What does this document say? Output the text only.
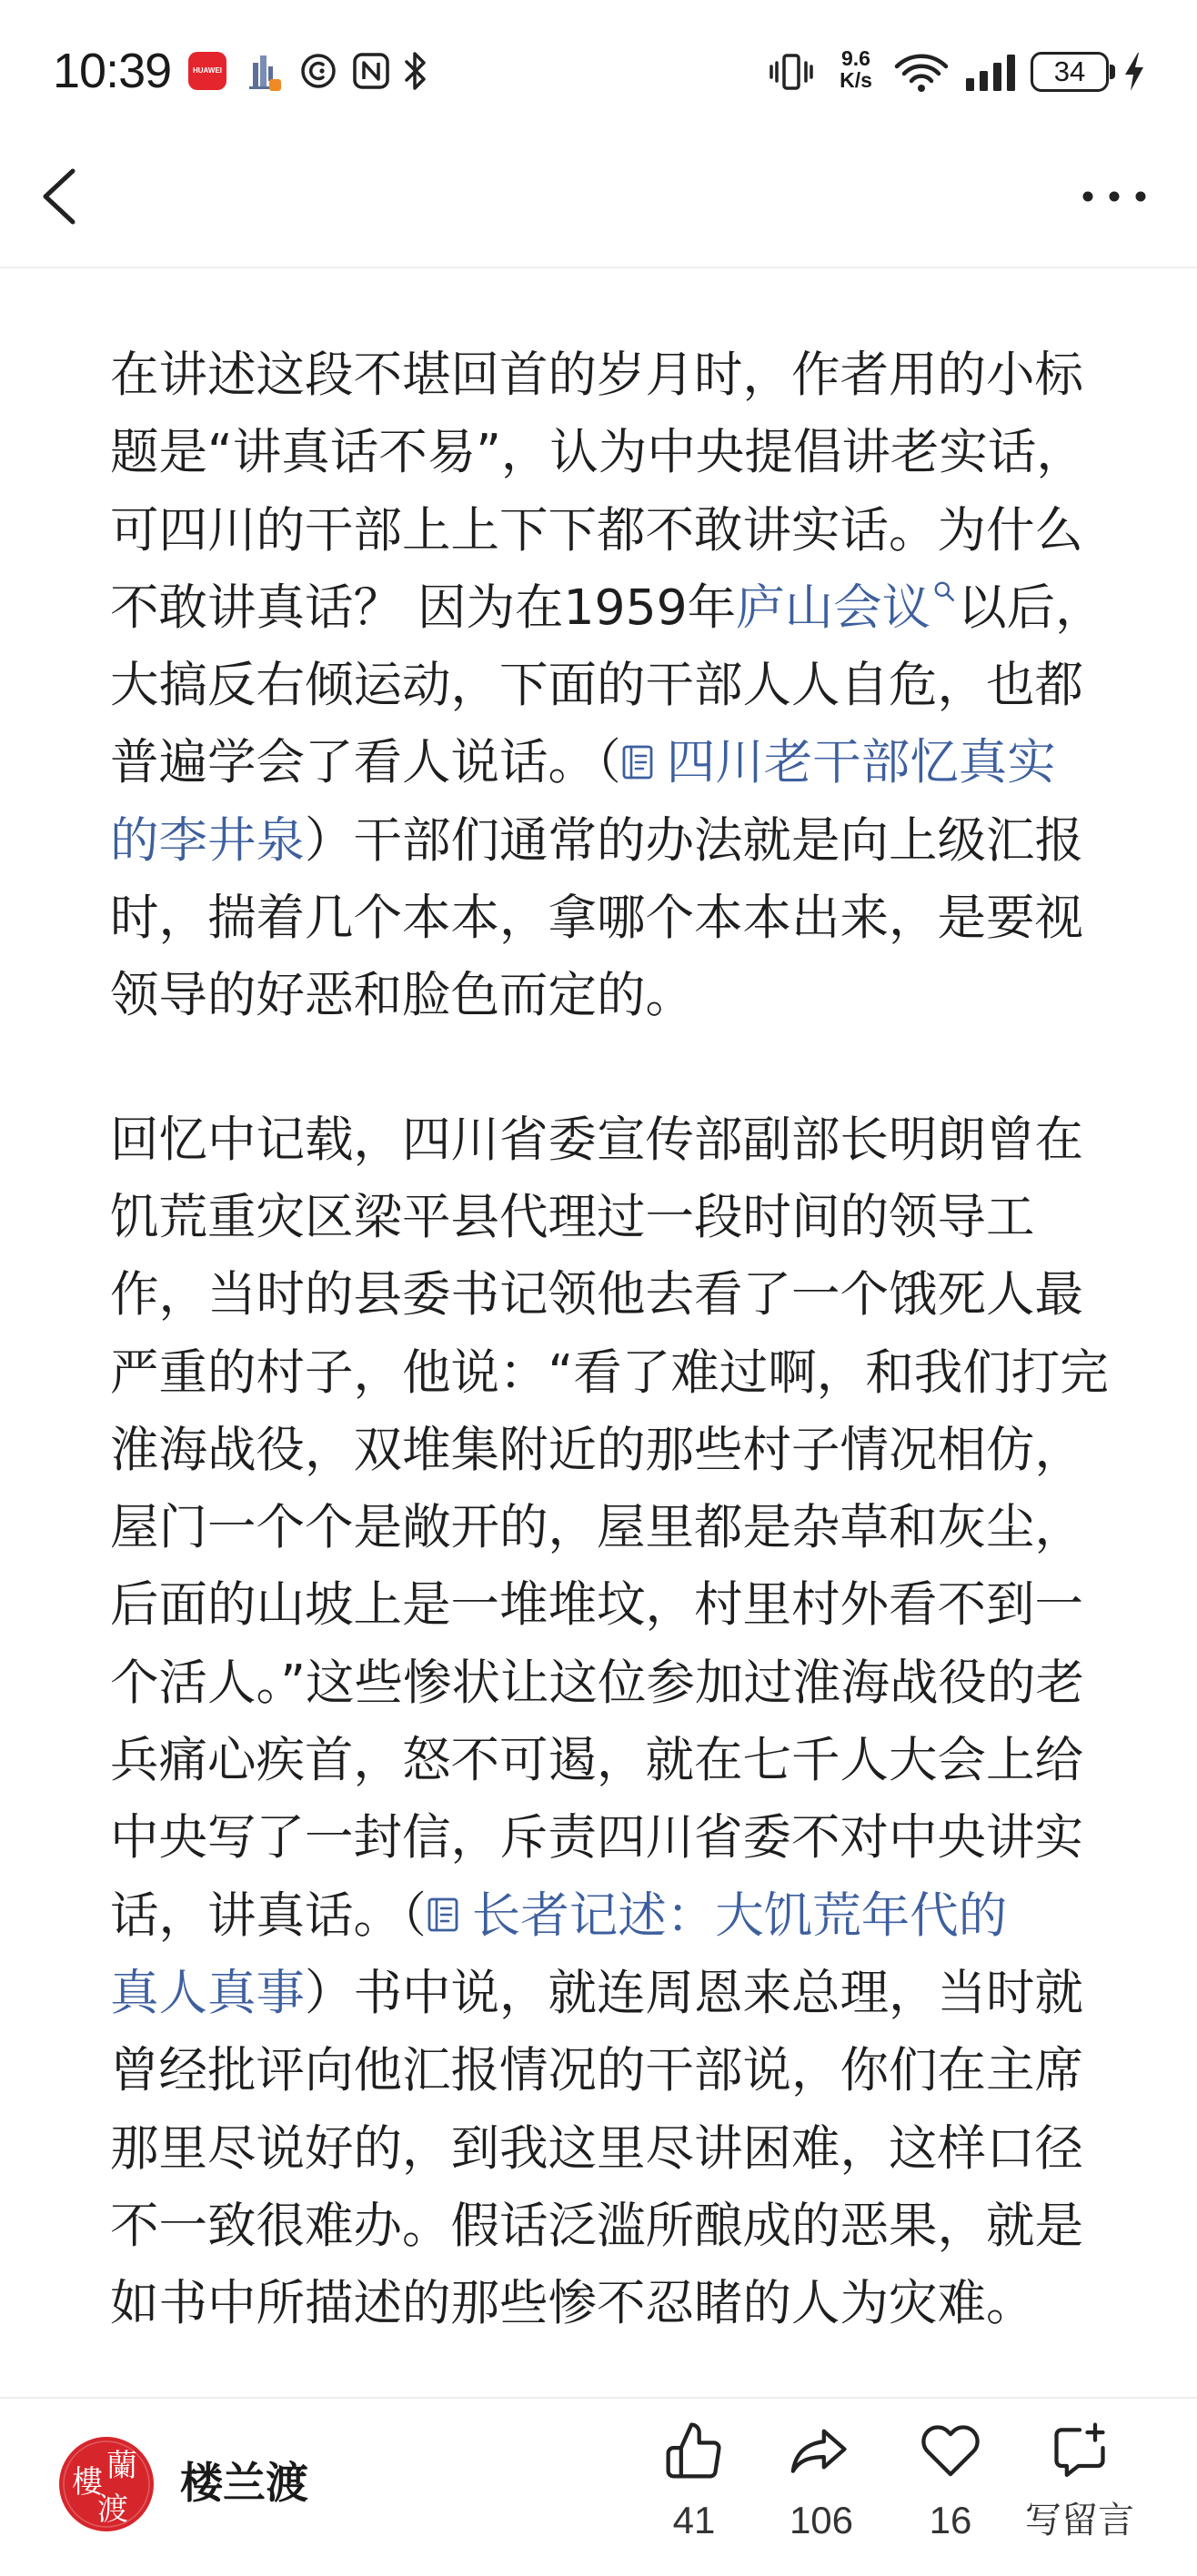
10:39	HUAWEI
9.6
K/s	34
在讲述这段不堪回首的岁月时，作者用的小标
题是“讲真话不易”，认为中央提倡讲老实话，
可四川的干部上上下下都不敢讲实话。为什么
不敢讲真话？ 因为在1959年庐山会议 以后，
大搞反右倾运动，下面的干部人人自危，也都
普遍学会了看人说话。（ 四川老干部忆真实
的李井泉）干部们通常的办法就是向上级汇报
时，揣着几个本本，拿哪个本本出来，是要视
领导的好恶和脸色而定的。
回忆中记载，四川省委宣传部副部长明朗曾在
饥荒重灾区梁平县代理过一段时间的领导工
作，当时的县委书记领他去看了一个饿死人最
严重的村子，他说：“看了难过啊，和我们打完
淮海战役，双堆集附近的那些村子情况相仿，
屋门一个个是敞开的，屋里都是杂草和灰尘，
后面的山坡上是一堆堆坟，村里村外看不到一
个活人。”这些惨状让这位参加过淮海战役的老
兵痛心疾首，怒不可遏，就在七千人大会上给
中央写了一封信，斥责四川省委不对中央讲实
话，讲真话。（ 长者记述：大饥荒年代的
真人真事）书中说，就连周恩来总理，当时就
曾经批评向他汇报情况的干部说，你们在主席
那里尽说好的，到我这里尽讲困难，这样口径
不一致很难办。假话泛滥所酿成的恶果，就是
如书中所描述的那些惨不忍睹的人为灾难。
蘭
樓
渡
楼兰渡
41	106	16	写留言
